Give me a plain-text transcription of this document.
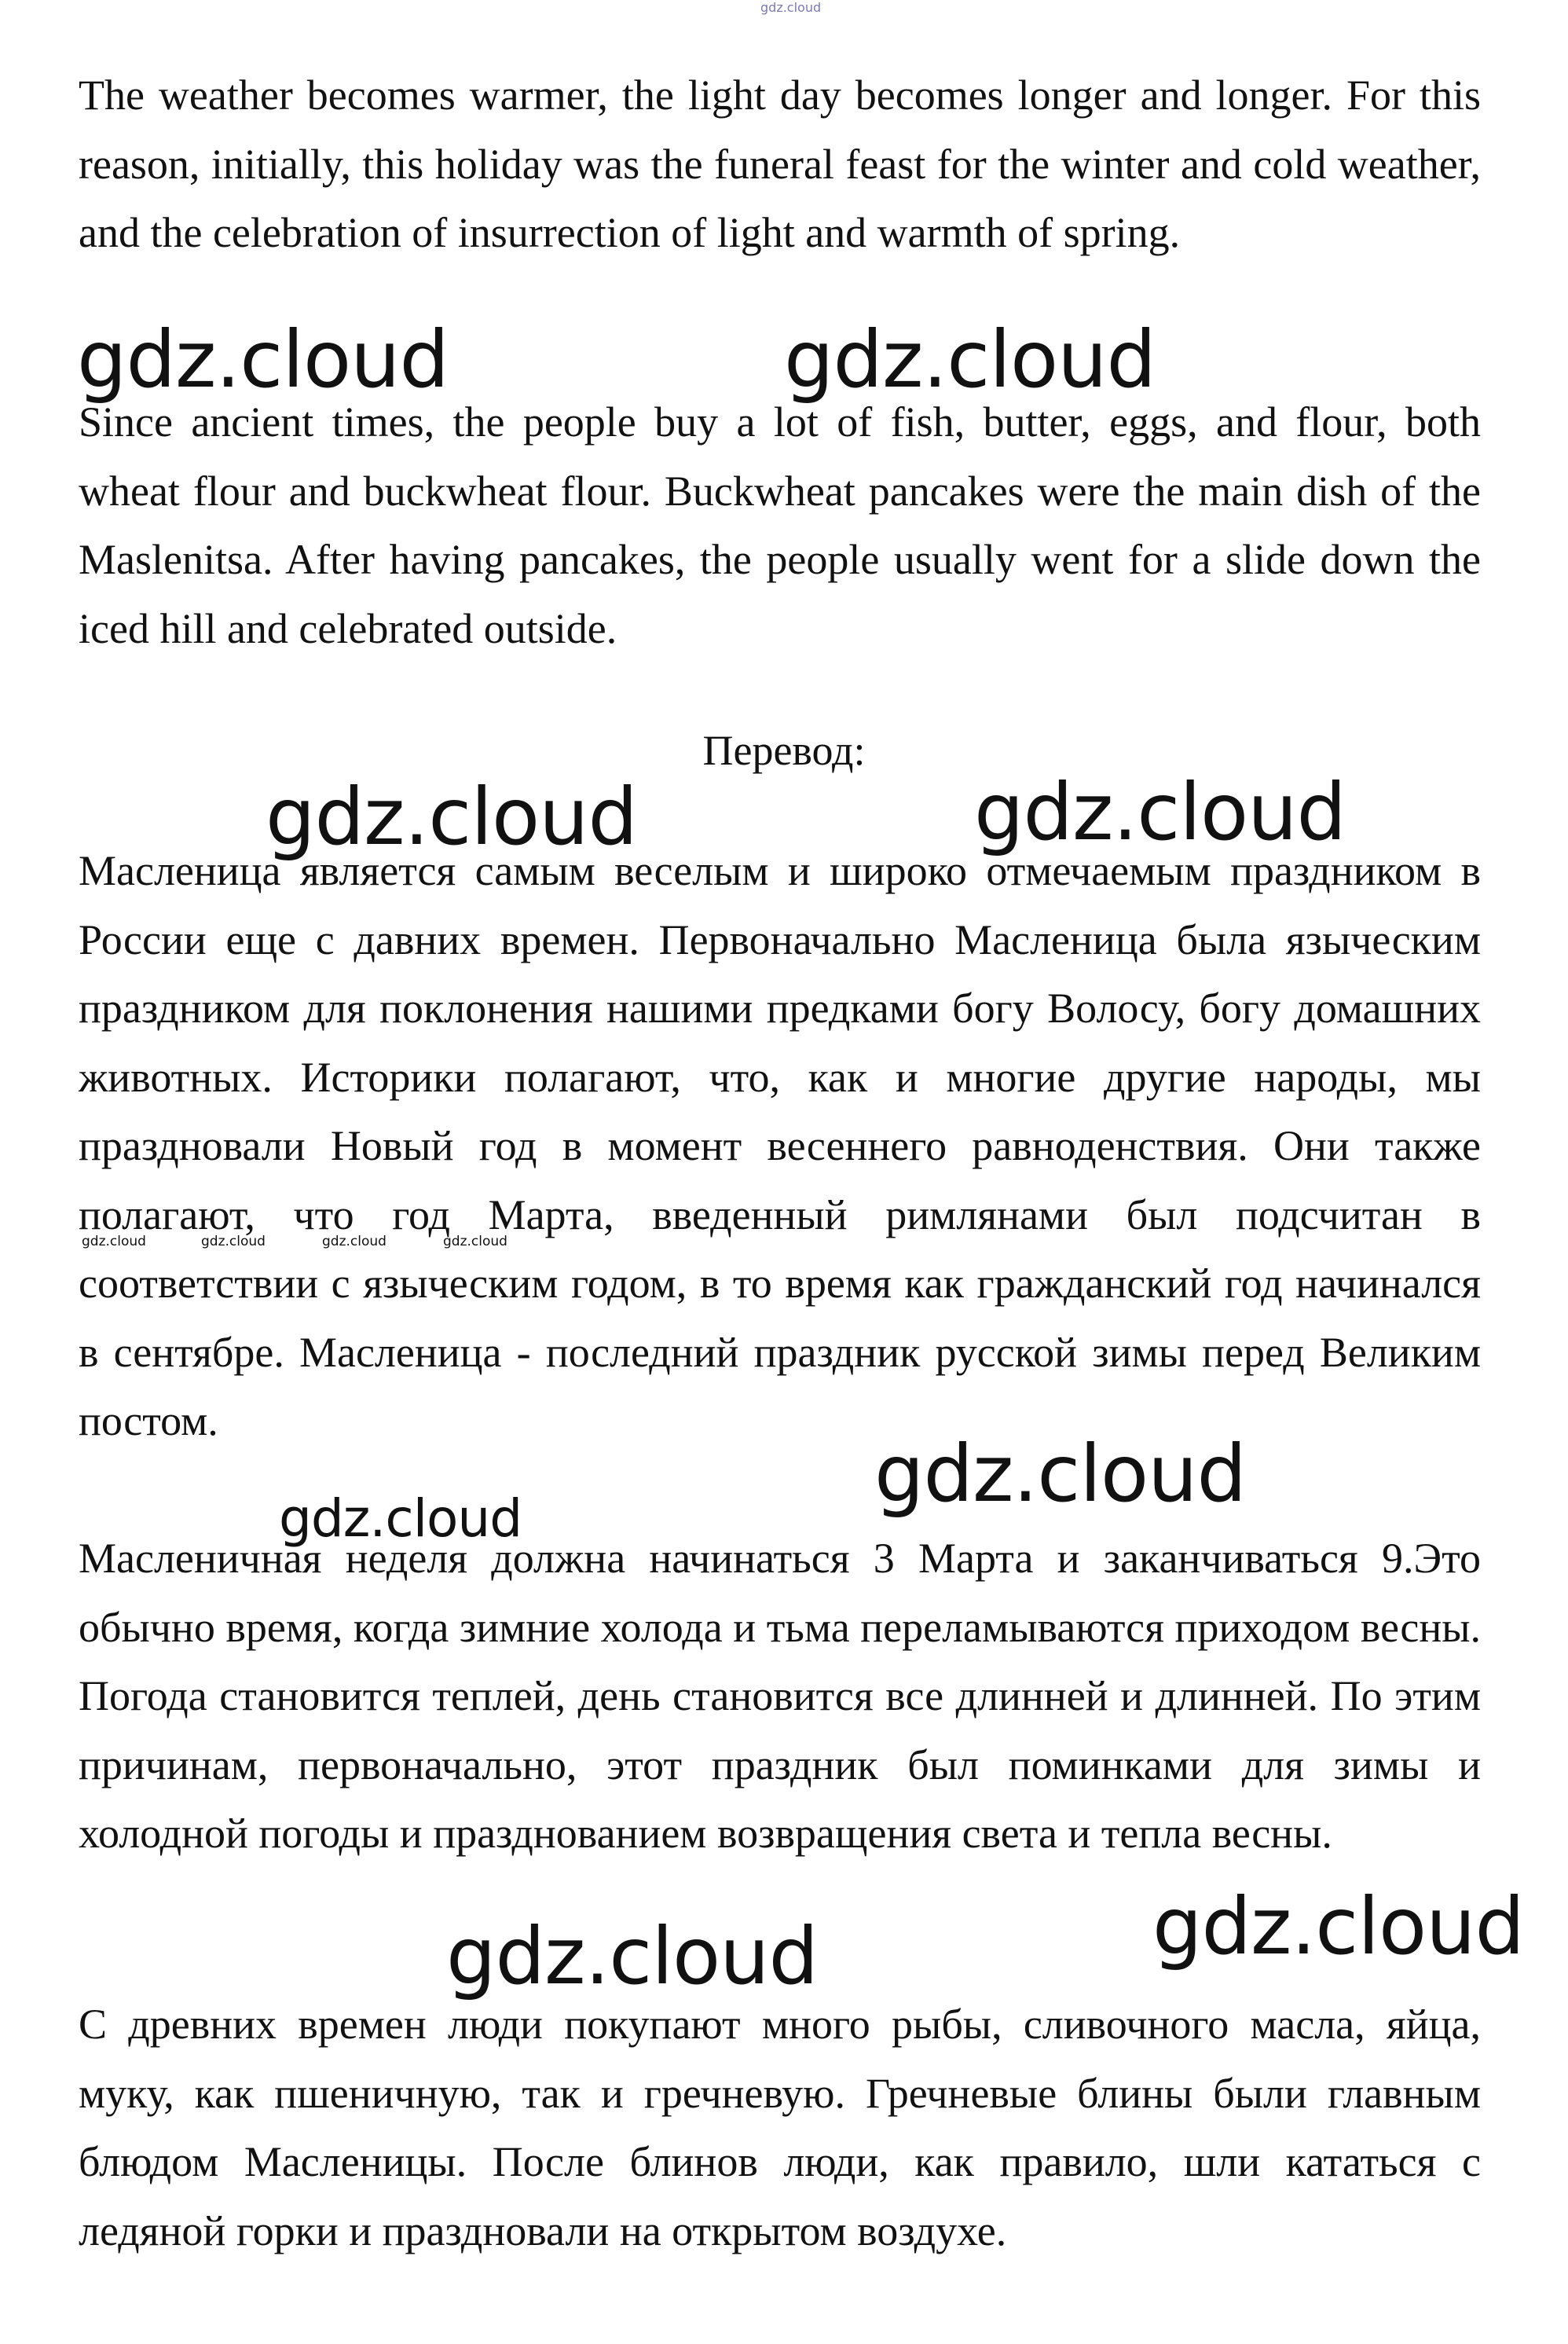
gdz.cloud

The weather becomes warmer, the light day becomes longer and longer. For this reason, initially, this holiday was the funeral feast for the winter and cold weather, and the celebration of insurrection of light and warmth of spring.

gdz.cloud	gdz.cloud

Since ancient times, the people buy a lot of fish, butter, eggs, and flour, both wheat flour and buckwheat flour. Buckwheat pancakes were the main dish of the Maslenitsa. After having pancakes, the people usually went for a slide down the iced hill and celebrated outside.

Перевод:

gdz.cloud	gdz.cloud

Масленица является самым веселым и широко отмечаемым праздником в России еще с давних времен. Первоначально Масленица была языческим праздником для поклонения нашими предками богу Волосу, богу домашних животных. Историки полагают, что, как и многие другие народы, мы праздновали Новый год в момент весеннего равноденствия. Они также полагают, что год Марта, введенный римлянами был подсчитан в соответствии с языческим годом, в то время как гражданский год начинался в сентябре. Масленица - последний праздник русской зимы перед Великим постом.

gdz.cloud	gdz.cloud	gdz.cloud	gdz.cloud
gdz.cloud
gdz.cloud

Масленичная неделя должна начинаться 3 Марта и заканчиваться 9.Это обычно время, когда зимние холода и тьма переламываются приходом весны. Погода становится теплей, день становится все длинней и длинней. По этим причинам, первоначально, этот праздник был поминками для зимы и холодной погоды и празднованием возвращения света и тепла весны.

gdz.cloud
gdz.cloud

С древних времен люди покупают много рыбы, сливочного масла, яйца, муку, как пшеничную, так и гречневую. Гречневые блины были главным блюдом Масленицы. После блинов люди, как правило, шли кататься с ледяной горки и праздновали на открытом воздухе.
